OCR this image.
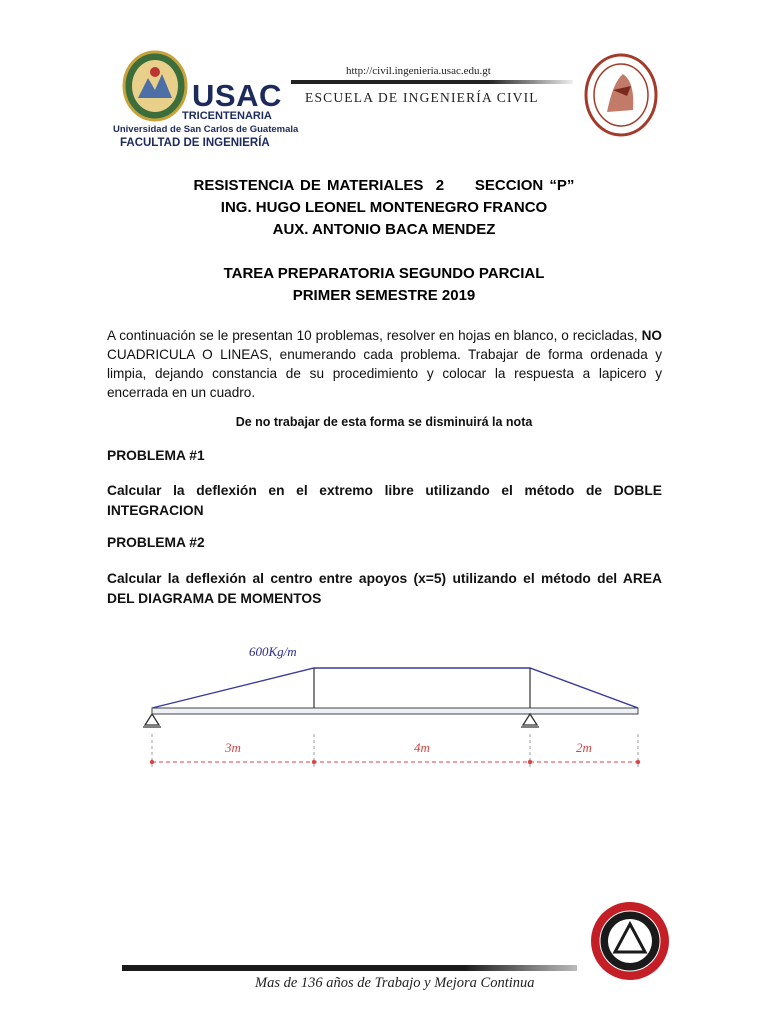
USAC
TRICENTENARIA
Universidad de San Carlos de Guatemala
FACULTAD DE INGENIERÍA
http://civil.ingenieria.usac.edu.gt
ESCUELA DE INGENIERÍA CIVIL
RESISTENCIA DE MATERIALES  2     SECCION “P”
ING. HUGO LEONEL MONTENEGRO FRANCO
AUX. ANTONIO BACA MENDEZ
TAREA PREPARATORIA SEGUNDO PARCIAL
PRIMER SEMESTRE 2019
A continuación se le presentan 10 problemas, resolver en hojas en blanco, o recicladas, NO CUADRICULA O LINEAS, enumerando cada problema. Trabajar de forma ordenada y limpia, dejando constancia de su procedimiento y colocar la respuesta a lapicero y encerrada en un cuadro.
De no trabajar de esta forma se disminuirá la nota
PROBLEMA #1
Calcular la deflexión en el extremo libre utilizando el método de DOBLE INTEGRACION
PROBLEMA #2
Calcular la deflexión al centro entre apoyos (x=5) utilizando el método del AREA DEL DIAGRAMA DE MOMENTOS
600Kg/m
3m	4m	2m
Mas de 136 años de Trabajo y Mejora Continua
